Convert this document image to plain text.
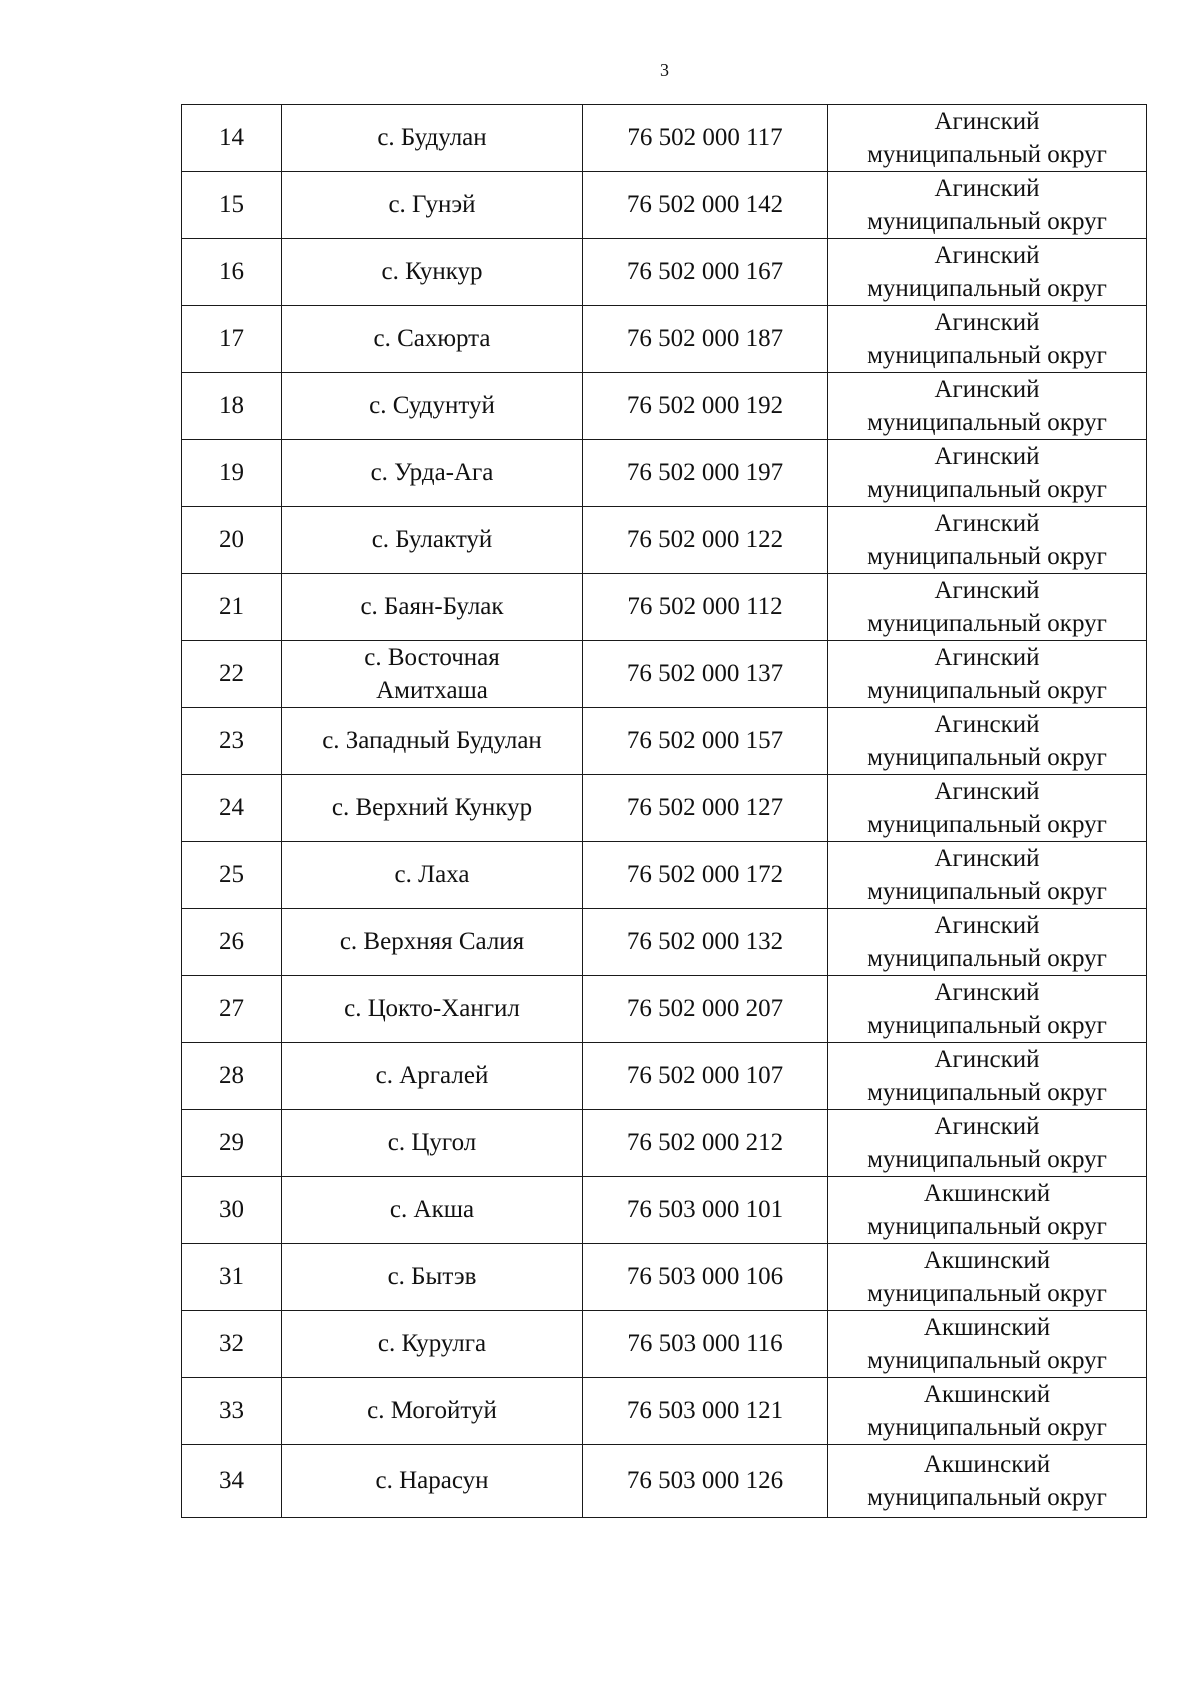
3
14	с. Будулан	76 502 000 117	Агинский
муниципальный округ

15	с. Гунэй	76 502 000 142	Агинский
муниципальный округ

16	с. Кункур	76 502 000 167	Агинский
муниципальный округ

17	с. Сахюрта	76 502 000 187	Агинский
муниципальный округ

18	с. Судунтуй	76 502 000 192	Агинский
муниципальный округ

19	с. Урда-Ага	76 502 000 197	Агинский
муниципальный округ

20	с. Булактуй	76 502 000 122	Агинский
муниципальный округ

21	с. Баян-Булак	76 502 000 112	Агинский
муниципальный округ

22	с. Восточная
Амитхаша	76 502 000 137	Агинский
муниципальный округ

23	с. Западный Будулан	76 502 000 157	Агинский
муниципальный округ

24	с. Верхний Кункур	76 502 000 127	Агинский
муниципальный округ

25	с. Лаха	76 502 000 172	Агинский
муниципальный округ

26	с. Верхняя Салия	76 502 000 132	Агинский
муниципальный округ

27	с. Цокто-Хангил	76 502 000 207	Агинский
муниципальный округ

28	с. Аргалей	76 502 000 107	Агинский
муниципальный округ

29	с. Цугол	76 502 000 212	Агинский
муниципальный округ

30	с. Акша	76 503 000 101	Акшинский
муниципальный округ

31	с. Бытэв	76 503 000 106	Акшинский
муниципальный округ

32	с. Курулга	76 503 000 116	Акшинский
муниципальный округ

33	с. Могойтуй	76 503 000 121	Акшинский
муниципальный округ

34	с. Нарасун	76 503 000 126	Акшинский
муниципальный округ
